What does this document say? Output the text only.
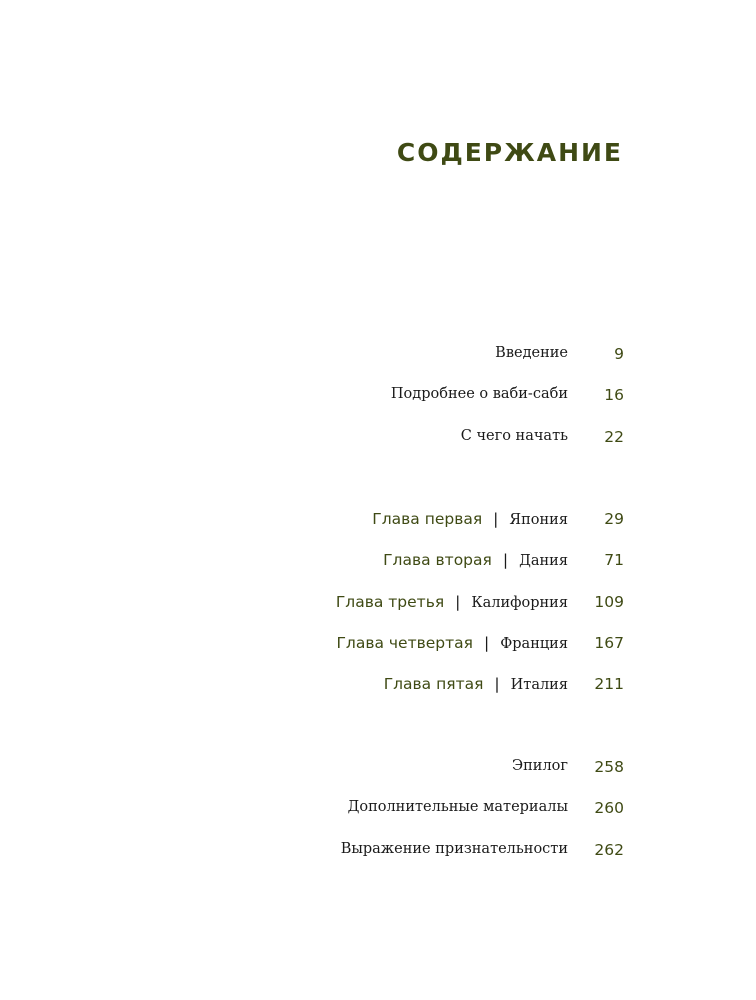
СОДЕРЖАНИЕ
Введение	9
Подробнее о ваби-саби 16
С чего начать 22
Глава первая | Япония 29
Глава вторая | Дания 71
Глава третья | Калифорния 109
Глава четвертая | Франция 167
Глава пятая | Италия 211
Эпилог 258
Дополнительные материалы 260
Выражение признательности 262
